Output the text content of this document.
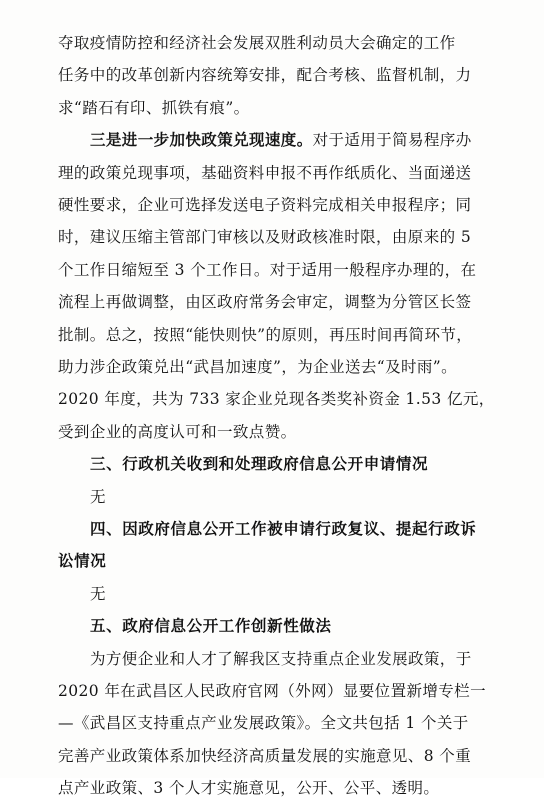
夺取疫情防控和经济社会发展双胜利动员大会确定的工作
任务中的改革创新内容统筹安排，配合考核、监督机制，力
求“踏石有印、抓铁有痕”。
三是进一步加快政策兑现速度。对于适用于简易程序办
理的政策兑现事项，基础资料申报不再作纸质化、当面递送
硬性要求，企业可选择发送电子资料完成相关申报程序；同
时，建议压缩主管部门审核以及财政核准时限，由原来的 5
个工作日缩短至 3 个工作日。对于适用一般程序办理的，在
流程上再做调整，由区政府常务会审定，调整为分管区长签
批制。总之，按照“能快则快”的原则，再压时间再简环节，
助力涉企政策兑出“武昌加速度”，为企业送去“及时雨”。
2020 年度，共为 733 家企业兑现各类奖补资金 1.53 亿元，
受到企业的高度认可和一致点赞。
三、行政机关收到和处理政府信息公开申请情况
无
四、因政府信息公开工作被申请行政复议、提起行政诉
讼情况
无
五、政府信息公开工作创新性做法
为方便企业和人才了解我区支持重点企业发展政策，于
2020 年在武昌区人民政府官网（外网）显要位置新增专栏一
—《武昌区支持重点产业发展政策》。全文共包括 1 个关于
完善产业政策体系加快经济高质量发展的实施意见、8 个重
点产业政策、3 个人才实施意见，公开、公平、透明。
